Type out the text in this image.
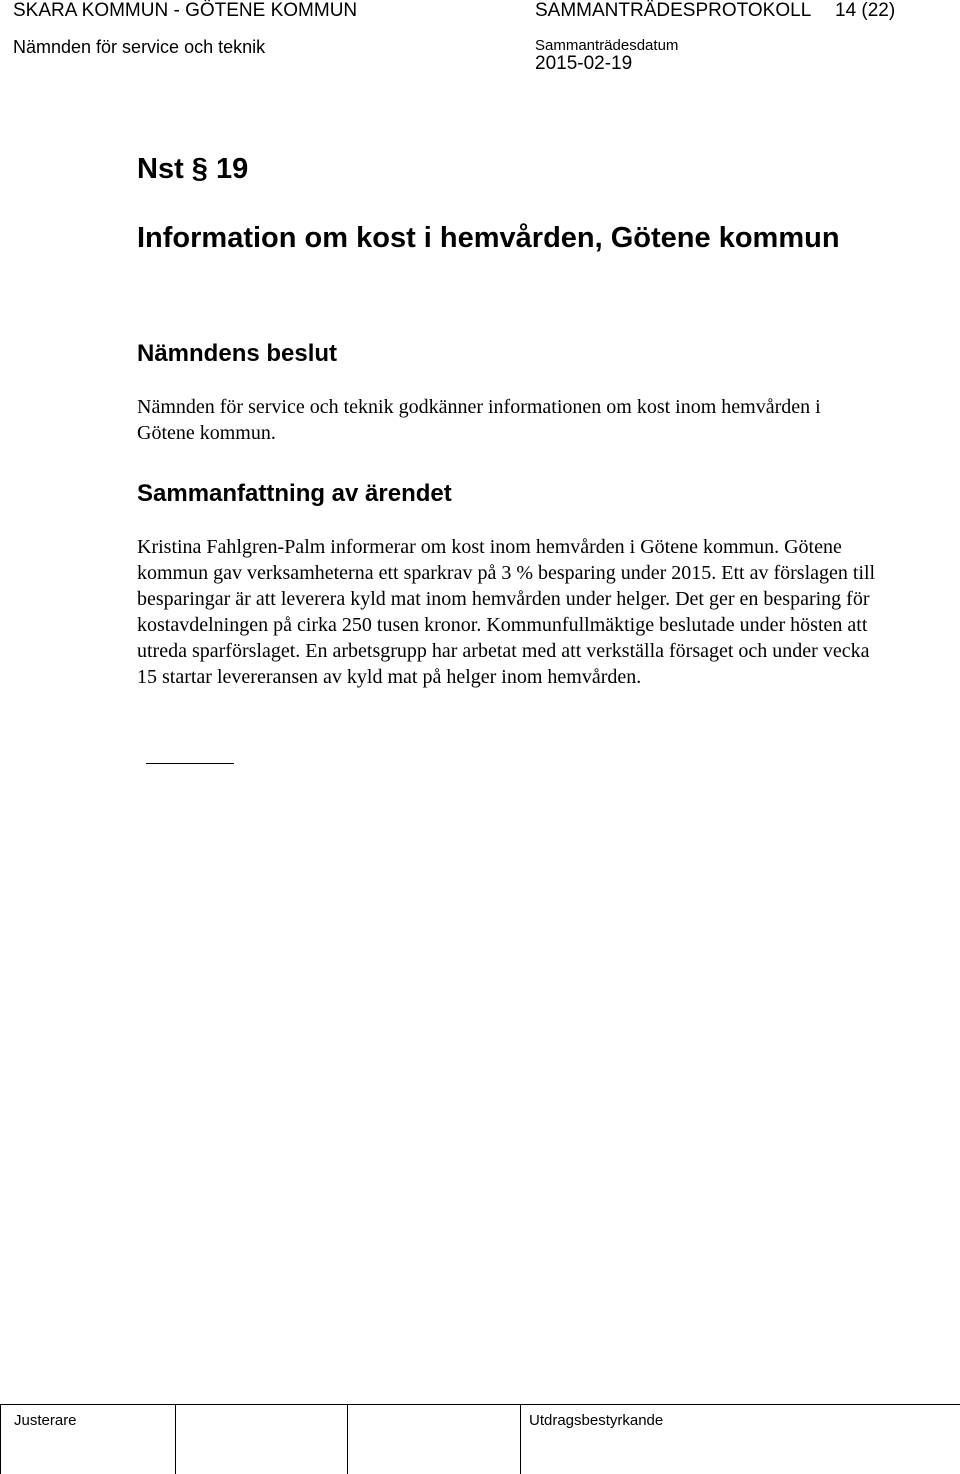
SKARA KOMMUN - GÖTENE KOMMUN	SAMMANTRÄDESPROTOKOLL 14 (22)
Nämnden för service och teknik	Sammanträdesdatum
2015-02-19
Nst § 19
Information om kost i hemvården, Götene kommun
Nämndens beslut
Nämnden för service och teknik godkänner informationen om kost inom hemvården i Götene kommun.
Sammanfattning av ärendet
Kristina Fahlgren-Palm informerar om kost inom hemvården i Götene kommun. Götene kommun gav verksamheterna ett sparkrav på 3 % besparing under 2015. Ett av förslagen till besparingar är att leverera kyld mat inom hemvården under helger. Det ger en besparing för kostavdelningen på cirka 250 tusen kronor. Kommunfullmäktige beslutade under hösten att utreda sparförslaget. En arbetsgrupp har arbetat med att verkställa försaget och under vecka 15 startar levereransen av kyld mat på helger inom hemvården.
Justerare	Utdragsbestyrkande
